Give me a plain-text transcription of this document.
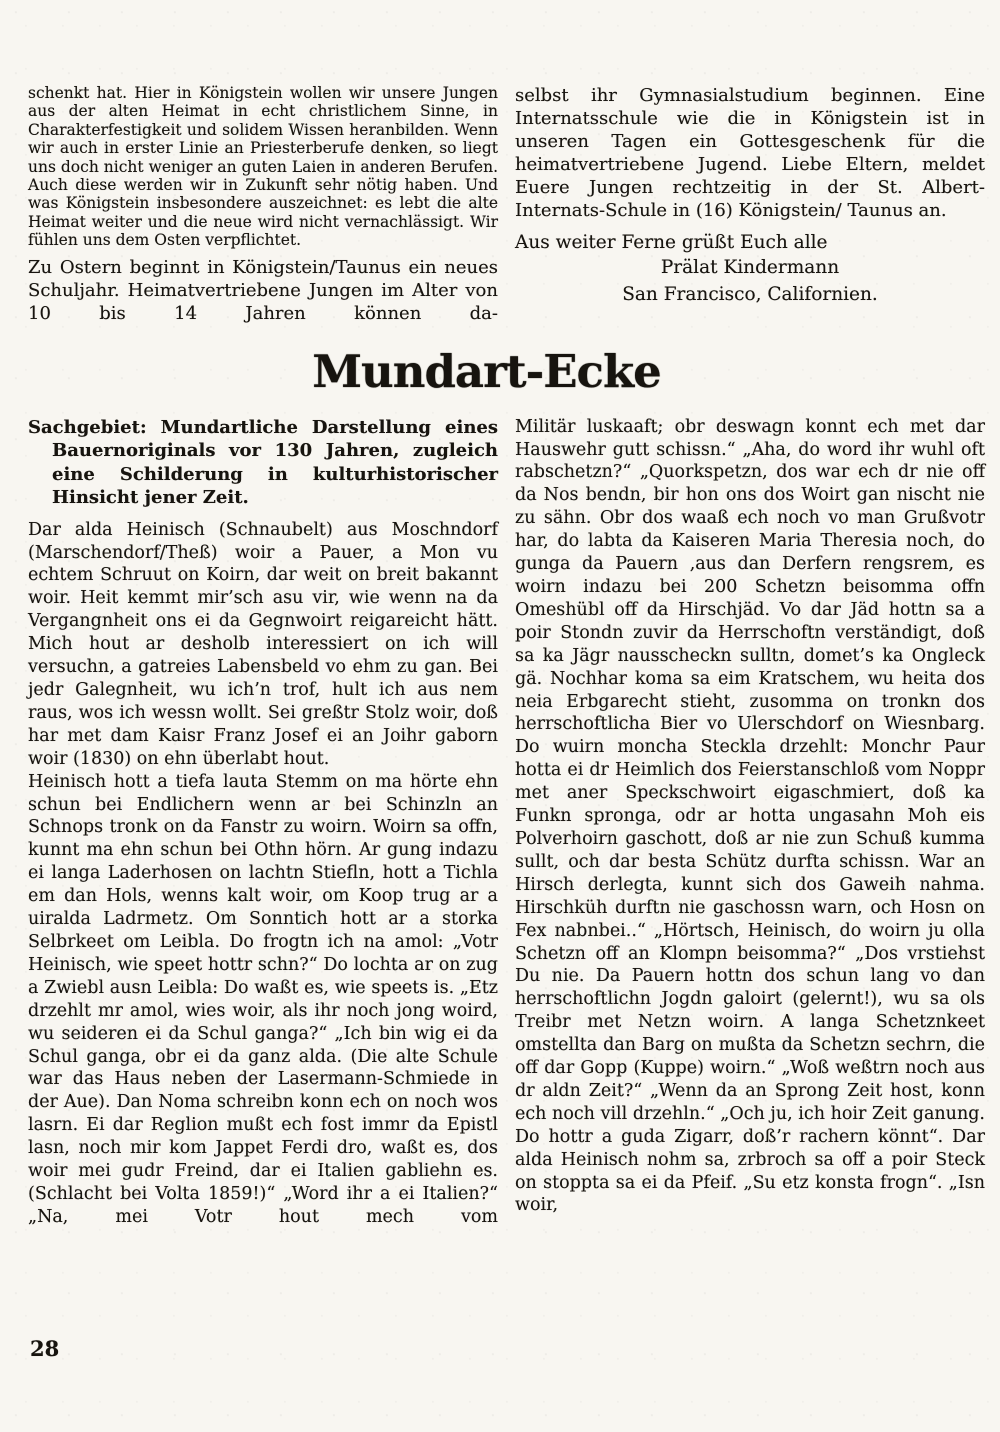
schenkt hat. Hier in Königstein wollen wir unsere Jungen aus der alten Heimat in echt christlichem Sinne, in Charakterfestigkeit und solidem Wissen heranbilden. Wenn wir auch in erster Linie an Priesterberufe denken, so liegt uns doch nicht weniger an guten Laien in anderen Berufen. Auch diese werden wir in Zukunft sehr nötig haben. Und was Königstein insbesondere auszeichnet: es lebt die alte Heimat weiter und die neue wird nicht vernachlässigt. Wir fühlen uns dem Osten verpflichtet.

Zu Ostern beginnt in Königstein/Taunus ein neues Schuljahr. Heimatvertriebene Jungen im Alter von 10 bis 14 Jahren können da-

selbst ihr Gymnasialstudium beginnen. Eine Internatsschule wie die in Königstein ist in unseren Tagen ein Gottesgeschenk für die heimatvertriebene Jugend. Liebe Eltern, meldet Euere Jungen rechtzeitig in der St. Albert-Internats-Schule in (16) Königstein/ Taunus an.

Aus weiter Ferne grüßt Euch alle

Prälat Kindermann

San Francisco, Californien.

Mundart-Ecke

Sachgebiet: Mundartliche Darstellung eines Bauernoriginals vor 130 Jahren, zugleich eine Schilderung in kulturhistorischer Hinsicht jener Zeit.

Dar alda Heinisch (Schnaubelt) aus Moschndorf (Marschendorf/Theß) woir a Pauer, a Mon vu echtem Schruut on Koirn, dar weit on breit bakannt woir. Heit kemmt mir’sch asu vir, wie wenn na da Vergangnheit ons ei da Gegnwoirt reigareicht hätt. Mich hout ar desholb interessiert on ich will versuchn, a gatreies Labensbeld vo ehm zu gan. Bei jedr Galegnheit, wu ich’n trof, hult ich aus nem raus, wos ich wessn wollt. Sei greßtr Stolz woir, doß har met dam Kaisr Franz Josef ei an Joihr gaborn woir (1830) on ehn überlabt hout.

Heinisch hott a tiefa lauta Stemm on ma hörte ehn schun bei Endlichern wenn ar bei Schinzln an Schnops tronk on da Fanstr zu woirn. Woirn sa offn, kunnt ma ehn schun bei Othn hörn. Ar gung indazu ei langa Laderhosen on lachtn Stiefln, hott a Tichla em dan Hols, wenns kalt woir, om Koop trug ar a uiralda Ladrmetz. Om Sonntich hott ar a storka Selbrkeet om Leibla. Do frogtn ich na amol: „Votr Heinisch, wie speet hottr schn?“ Do lochta ar on zug a Zwiebl ausn Leibla: Do waßt es, wie speets is. „Etz drzehlt mr amol, wies woir, als ihr noch jong woird, wu seideren ei da Schul ganga?“ „Ich bin wig ei da Schul ganga, obr ei da ganz alda. (Die alte Schule war das Haus neben der Lasermann-Schmiede in der Aue). Dan Noma schreibn konn ech on noch wos lasrn. Ei dar Reglion mußt ech fost immr da Epistl lasn, noch mir kom Jappet Ferdi dro, waßt es, dos woir mei gudr Freind, dar ei Italien gabliehn es. (Schlacht bei Volta 1859!)“ „Word ihr a ei Italien?“ „Na, mei Votr hout mech vom

Militär luskaaft; obr deswagn konnt ech met dar Hauswehr gutt schissn.“ „Aha, do word ihr wuhl oft rabschetzn?“ „Quorkspetzn, dos war ech dr nie off da Nos bendn, bir hon ons dos Woirt gan nischt nie zu sähn. Obr dos waaß ech noch vo man Grußvotr har, do labta da Kaiseren Maria Theresia noch, do gunga da Pauern ‚aus dan Derfern rengsrem, es woirn indazu bei 200 Schetzn beisomma offn Omeshübl off da Hirschjäd. Vo dar Jäd hottn sa a poir Stondn zuvir da Herrschoftn verständigt, doß sa ka Jägr nausscheckn sulltn, domet’s ka Ongleck gä. Nochhar koma sa eim Kratschem, wu heita dos neia Erbgarecht stieht, zusomma on tronkn dos herrschoftlicha Bier vo Ulerschdorf on Wiesnbarg. Do wuirn moncha Steckla drzehlt: Monchr Paur hotta ei dr Heimlich dos Feierstanschloß vom Noppr met aner Speckschwoirt eigaschmiert, doß ka Funkn spronga, odr ar hotta ungasahn Moh eis Polverhoirn gaschott, doß ar nie zun Schuß kumma sullt, och dar besta Schütz durfta schissn. War an Hirsch derlegta, kunnt sich dos Gaweih nahma. Hirschküh durftn nie gaschossn warn, och Hosn on Fex nabnbei..“ „Hörtsch, Heinisch, do woirn ju olla Schetzn off an Klompn beisomma?“ „Dos vrstiehst Du nie. Da Pauern hottn dos schun lang vo dan herrschoftlichn Jogdn galoirt (gelernt!), wu sa ols Treibr met Netzn woirn. A langa Schetznkeet omstellta dan Barg on mußta da Schetzn sechrn, die off dar Gopp (Kuppe) woirn.“ „Woß weßtrn noch aus dr aldn Zeit?“ „Wenn da an Sprong Zeit host, konn ech noch vill drzehln.“ „Och ju, ich hoir Zeit ganung. Do hottr a guda Zigarr, doß’r rachern könnt“. Dar alda Heinisch nohm sa, zrbroch sa off a poir Steck on stoppta sa ei da Pfeif. „Su etz konsta frogn“. „Isn woir,

28
